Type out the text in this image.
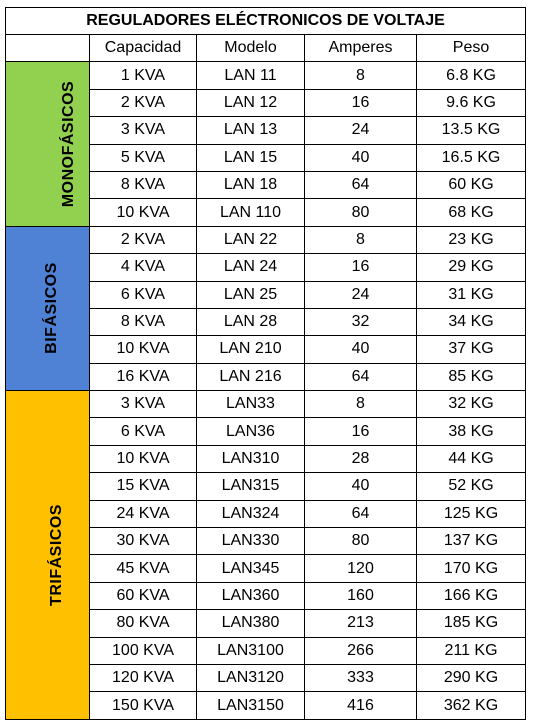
REGULADORES ELÉCTRONICOS DE VOLTAJE				
	Capacidad	Modelo	Amperes	Peso
MONOFÁSICOS	1 KVA	LAN 11	8	6.8 KG
	2 KVA	LAN 12	16	9.6 KG
	3 KVA	LAN 13	24	13.5 KG
	5 KVA	LAN 15	40	16.5 KG
	8 KVA	LAN 18	64	60 KG
	10 KVA	LAN 110	80	68 KG
BIFÁSICOS	2 KVA	LAN 22	8	23 KG
	4 KVA	LAN 24	16	29 KG
	6 KVA	LAN 25	24	31 KG
	8 KVA	LAN 28	32	34 KG
	10 KVA	LAN 210	40	37 KG
	16 KVA	LAN 216	64	85 KG
TRIFÁSICOS	3 KVA	LAN33	8	32 KG
	6 KVA	LAN36	16	38 KG
	10 KVA	LAN310	28	44 KG
	15 KVA	LAN315	40	52 KG
	24 KVA	LAN324	64	125 KG
	30 KVA	LAN330	80	137 KG
	45 KVA	LAN345	120	170 KG
	60 KVA	LAN360	160	166 KG
	80 KVA	LAN380	213	185 KG
	100 KVA	LAN3100	266	211 KG
	120 KVA	LAN3120	333	290 KG
	150 KVA	LAN3150	416	362 KG
